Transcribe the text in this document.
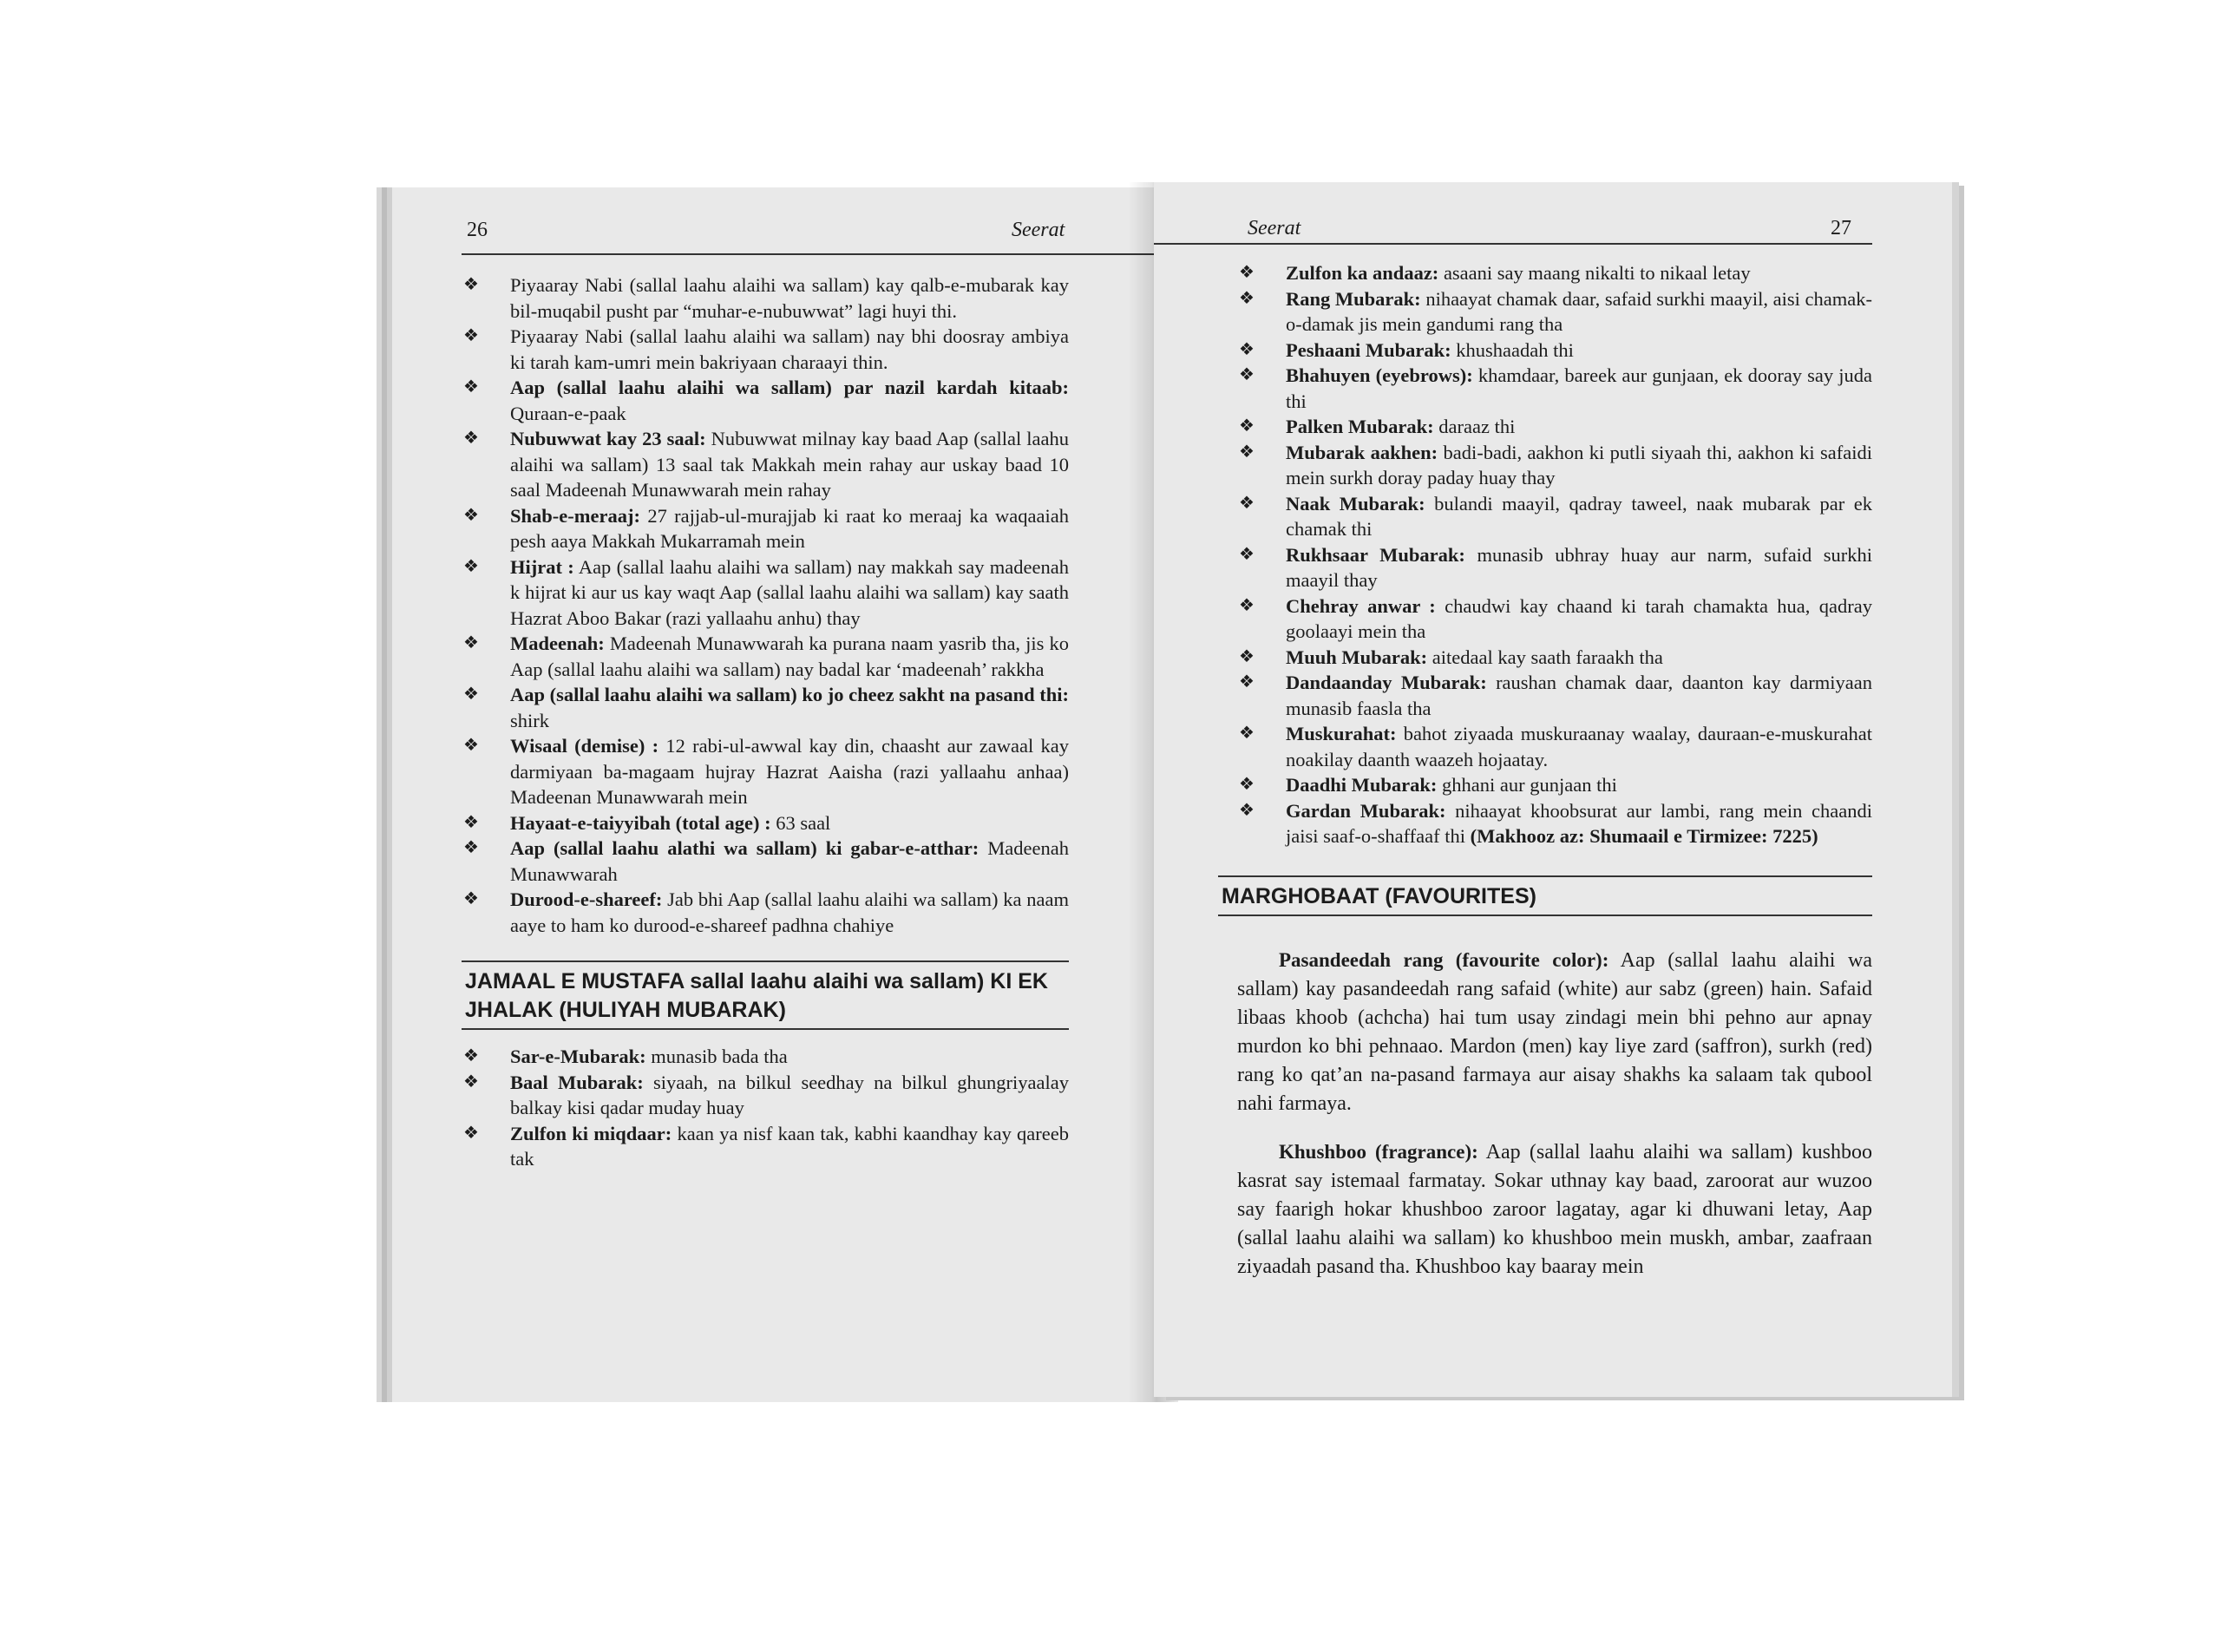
26	Seerat
❖ Piyaaray Nabi (sallal laahu alaihi wa sallam) kay qalb-e-mubarak kay bil-muqabil pusht par “muhar-e-nubuwwat” lagi huyi thi.
❖ Piyaaray Nabi (sallal laahu alaihi wa sallam) nay bhi doosray ambiya ki tarah kam-umri mein bakriyaan charaayi thin.
❖ Aap (sallal laahu alaihi wa sallam) par nazil kardah kitaab: Quraan-e-paak
❖ Nubuwwat kay 23 saal: Nubuwwat milnay kay baad Aap (sallal laahu alaihi wa sallam) 13 saal tak Makkah mein rahay aur uskay baad 10 saal Madeenah Munawwarah mein rahay
❖ Shab-e-meraaj: 27 rajjab-ul-murajjab ki raat ko meraaj ka waqaaiah pesh aaya Makkah Mukarramah mein
❖ Hijrat : Aap (sallal laahu alaihi wa sallam) nay makkah say madeenah k hijrat ki aur us kay waqt Aap (sallal laahu alaihi wa sallam) kay saath Hazrat Aboo Bakar (razi yallaahu anhu) thay
❖ Madeenah: Madeenah Munawwarah ka purana naam yasrib tha, jis ko Aap (sallal laahu alaihi wa sallam) nay badal kar ‘madeenah’ rakkha
❖ Aap (sallal laahu alaihi wa sallam) ko jo cheez sakht na pasand thi: shirk
❖ Wisaal (demise) : 12 rabi-ul-awwal kay din, chaasht aur zawaal kay darmiyaan ba-magaam hujray Hazrat Aaisha (razi yallaahu anhaa) Madeenan Munawwarah mein
❖ Hayaat-e-taiyyibah (total age) : 63 saal
❖ Aap (sallal laahu alathi wa sallam) ki gabar-e-atthar: Madeenah Munawwarah
❖ Durood-e-shareef: Jab bhi Aap (sallal laahu alaihi wa sallam) ka naam aaye to ham ko durood-e-shareef padhna chahiye
JAMAAL E MUSTAFA sallal laahu alaihi wa sallam) KI EK JHALAK (HULIYAH MUBARAK)
❖ Sar-e-Mubarak: munasib bada tha
❖ Baal Mubarak: siyaah, na bilkul seedhay na bilkul ghungriyaalay balkay kisi qadar muday huay
❖ Zulfon ki miqdaar: kaan ya nisf kaan tak, kabhi kaandhay kay qareeb tak
Seerat	27
❖ Zulfon ka andaaz: asaani say maang nikalti to nikaal letay
❖ Rang Mubarak: nihaayat chamak daar, safaid surkhi maayil, aisi chamak-o-damak jis mein gandumi rang tha
❖ Peshaani Mubarak: khushaadah thi
❖ Bhahuyen (eyebrows): khamdaar, bareek aur gunjaan, ek dooray say juda thi
❖ Palken Mubarak: daraaz thi
❖ Mubarak aakhen: badi-badi, aakhon ki putli siyaah thi, aakhon ki safaidi mein surkh doray paday huay thay
❖ Naak Mubarak: bulandi maayil, qadray taweel, naak mubarak par ek chamak thi
❖ Rukhsaar Mubarak: munasib ubhray huay aur narm, sufaid surkhi maayil thay
❖ Chehray anwar : chaudwi kay chaand ki tarah chamakta hua, qadray goolaayi mein tha
❖ Muuh Mubarak: aitedaal kay saath faraakh tha
❖ Dandaanday Mubarak: raushan chamak daar, daanton kay darmiyaan munasib faasla tha
❖ Muskurahat: bahot ziyaada muskuraanay waalay, dauraan-e-muskurahat noakilay daanth waazeh hojaatay.
❖ Daadhi Mubarak: ghhani aur gunjaan thi
❖ Gardan Mubarak: nihaayat khoobsurat aur lambi, rang mein chaandi jaisi saaf-o-shaffaaf thi (Makhooz az: Shumaail e Tirmizee: 7225)
MARGHOBAAT (FAVOURITES)

Pasandeedah rang (favourite color): Aap (sallal laahu alaihi wa sallam) kay pasandeedah rang safaid (white) aur sabz (green) hain. Safaid libaas khoob (achcha) hai tum usay zindagi mein bhi pehno aur apnay murdon ko bhi pehnaao. Mardon (men) kay liye zard (saffron), surkh (red) rang ko qat’an na-pasand farmaya aur aisay shakhs ka salaam tak qubool nahi farmaya.

Khushboo (fragrance): Aap (sallal laahu alaihi wa sallam) kushboo kasrat say istemaal farmatay. Sokar uthnay kay baad, zaroorat aur wuzoo say faarigh hokar khushboo zaroor lagatay, agar ki dhuwani letay, Aap (sallal laahu alaihi wa sallam) ko khushboo mein muskh, ambar, zaafraan ziyaadah pasand tha. Khushboo kay baaray mein
